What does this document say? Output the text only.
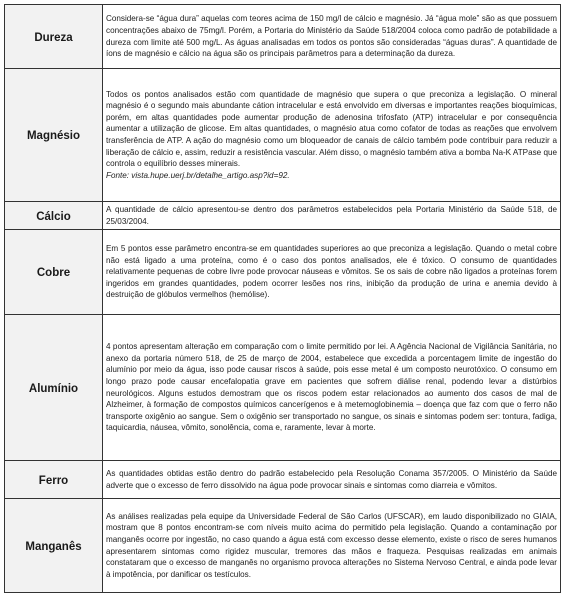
Dureza	Considera-se “água dura” aquelas com teores acima de 150 mg/l de cálcio e magnésio. Já “água mole” são as que possuem concentrações abaixo de 75mg/l. Porém, a Portaria do Ministério da Saúde 518/2004 coloca como padrão de potabilidade a dureza com limite até 500 mg/L. As águas analisadas em todos os pontos são consideradas “águas duras”. A quantidade de íons de magnésio e cálcio na água são os principais parâmetros para a determinação da dureza.

Magnésio	Todos os pontos analisados estão com quantidade de magnésio que supera o que preconiza a legislação. O mineral magnésio é o segundo mais abundante cátion intracelular e está envolvido em diversas e importantes reações bioquímicas, porém, em altas quantidades pode aumentar produção de adenosina trifosfato (ATP) intracelular e por consequência aumentar a utilização de glicose. Em altas quantidades, o magnésio atua como cofator de todas as reações que envolvem transferência de ATP. A ação do magnésio como um bloqueador de canais de cálcio também pode contribuir para reduzir a liberação de cálcio e, assim, reduzir a resistência vascular. Além disso, o magnésio também ativa a bomba Na-K ATPase que controla o equilíbrio desses minerais.
Fonte: vista.hupe.uerj.br/detalhe_artigo.asp?id=92.

Cálcio	A quantidade de cálcio apresentou-se dentro dos parâmetros estabelecidos pela Portaria Ministério da Saúde 518, de 25/03/2004.

Cobre	Em 5 pontos esse parâmetro encontra-se em quantidades superiores ao que preconiza a legislação. Quando o metal cobre não está ligado a uma proteína, como é o caso dos pontos analisados, ele é tóxico. O consumo de quantidades relativamente pequenas de cobre livre pode provocar náuseas e vômitos. Se os sais de cobre não ligados a proteínas forem ingeridos em grandes quantidades, podem ocorrer lesões nos rins, inibição da produção de urina e anemia devido à destruição de glóbulos vermelhos (hemólise).

Alumínio	4 pontos apresentam alteração em comparação com o limite permitido por lei. A Agência Nacional de Vigilância Sanitária, no anexo da portaria número 518, de 25 de março de 2004, estabelece que excedida a porcentagem limite de ingestão do alumínio por meio da água, isso pode causar riscos à saúde, pois esse metal é um composto neurotóxico. O consumo em longo prazo pode causar encefalopatia grave em pacientes que sofrem diálise renal, podendo levar a distúrbios neurológicos. Alguns estudos demostram que os riscos podem estar relacionados ao aumento dos casos de mal de Alzheimer, à formação de compostos químicos cancerígenos e à metemoglobinemia – doença que faz com que o ferro não transporte oxigênio ao sangue. Sem o oxigênio ser transportado no sangue, os sinais e sintomas podem ser: tontura, fadiga, taquicardia, náusea, vômito, sonolência, coma e, raramente, levar à morte.

Ferro	As quantidades obtidas estão dentro do padrão estabelecido pela Resolução Conama 357/2005. O Ministério da Saúde adverte que o excesso de ferro dissolvido na água pode provocar sinais e sintomas como diarreia e vômitos.

Manganês	As análises realizadas pela equipe da Universidade Federal de São Carlos (UFSCAR), em laudo disponibilizado no GIAIA, mostram que 8 pontos encontram-se com níveis muito acima do permitido pela legislação. Quando a contaminação por manganês ocorre por ingestão, no caso quando a água está com excesso desse elemento, existe o risco de seres humanos apresentarem sintomas como rigidez muscular, tremores das mãos e fraqueza. Pesquisas realizadas em animais constataram que o excesso de manganês no organismo provoca alterações no Sistema Nervoso Central, e ainda pode levar à impotência, por danificar os testículos.
